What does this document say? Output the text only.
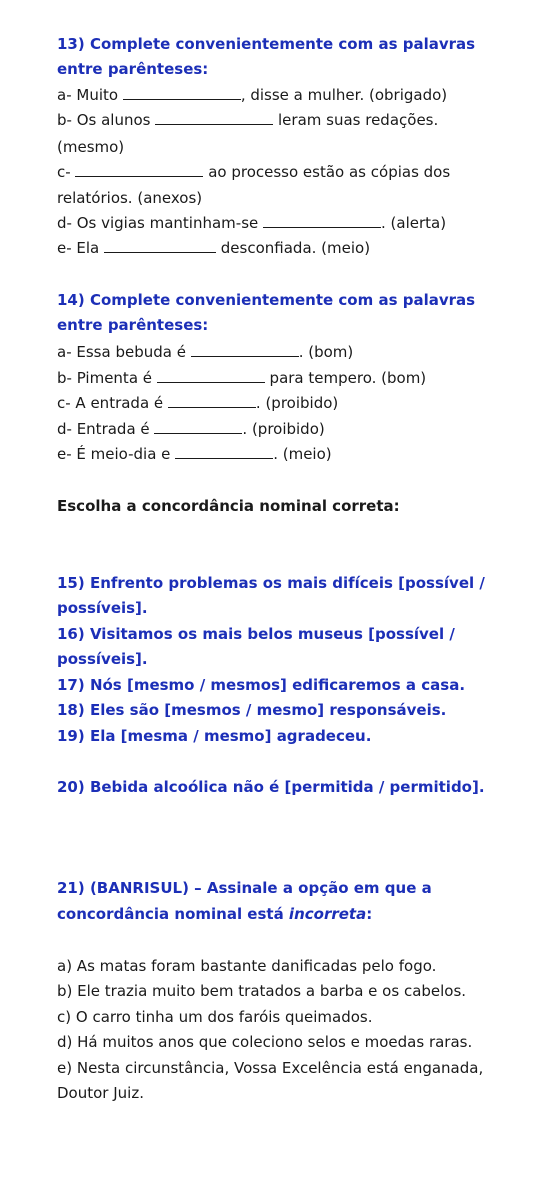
13) Complete convenientemente com as palavras
entre parênteses:
a- Muito	, disse a mulher. (obrigado)
b- Os alunos	leram suas redações.
(mesmo)
c-	ao processo estão as cópias dos
relatórios. (anexos)
d- Os vigias mantinham-se	. (alerta)
e- Ela	desconfiada. (meio)
14) Complete convenientemente com as palavras
entre parênteses:
a- Essa bebuda é	. (bom)
b- Pimenta é	para tempero. (bom)
c- A entrada é	. (proibido)
d- Entrada é	. (proibido)
e- É meio-dia e	. (meio)
Escolha a concordância nominal correta:
15) Enfrento problemas os mais difíceis [possível /
possíveis].
16) Visitamos os mais belos museus [possível /
possíveis].
17) Nós [mesmo / mesmos] edificaremos a casa.
18) Eles são [mesmos / mesmo] responsáveis.
19) Ela [mesma / mesmo] agradeceu.
20) Bebida alcoólica não é [permitida / permitido].
21) (BANRISUL) – Assinale a opção em que a
concordância nominal está incorreta:
a) As matas foram bastante danificadas pelo fogo.
b) Ele trazia muito bem tratados a barba e os cabelos.
c) O carro tinha um dos faróis queimados.
d) Há muitos anos que coleciono selos e moedas raras.
e) Nesta circunstância, Vossa Excelência está enganada,
Doutor Juiz.
